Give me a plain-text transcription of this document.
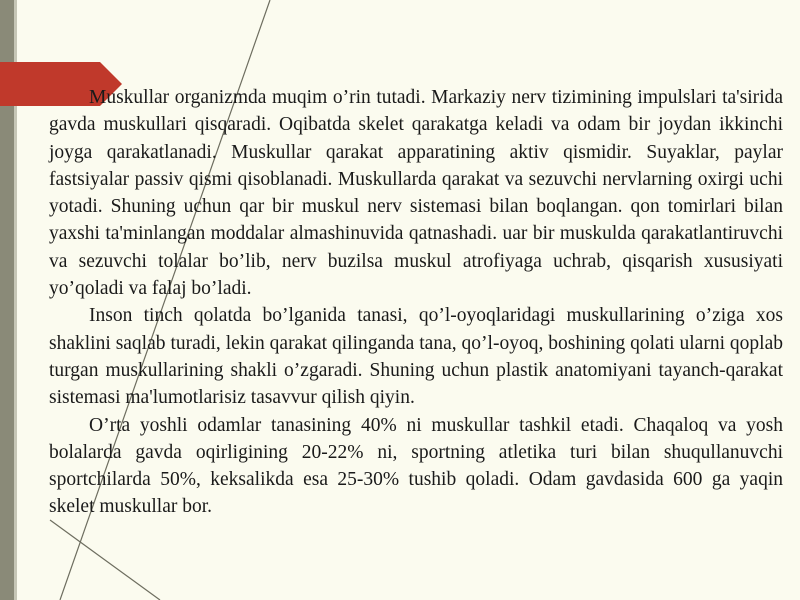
Muskullar organizmda muqim o’rin tutadi. Markaziy nerv tizimining impulslari ta'sirida gavda muskullari qisqaradi. Oqibatda skelet qarakatga keladi va odam bir joydan ikkinchi joyga qarakatlanadi. Muskullar qarakat apparatining aktiv qismidir. Suyaklar, paylar fastsiyalar passiv qismi qisoblanadi. Muskullarda qarakat va sezuvchi nervlarning oxirgi uchi yotadi. Shuning uchun qar bir muskul nerv sistemasi bilan boqlangan. qon tomirlari bilan yaxshi ta'minlangan moddalar almashinuvida qatnashadi. uar bir muskulda qarakatlantiruvchi va sezuvchi tolalar bo’lib, nerv buzilsa muskul atrofiyaga uchrab, qisqarish xususiyati yo’qoladi va falaj bo’ladi.

Inson tinch qolatda bo’lganida tanasi, qo’l-oyoqlaridagi muskullarining o’ziga xos shaklini saqlab turadi, lekin qarakat qilinganda tana, qo’l-oyoq, boshining qolati ularni qoplab turgan muskullarining shakli o’zgaradi. Shuning uchun plastik anatomiyani tayanch-qarakat sistemasi ma'lumotlarisiz tasavvur qilish qiyin.

O’rta yoshli odamlar tanasining 40% ni muskullar tashkil etadi. Chaqaloq va yosh bolalarda gavda oqirligining 20-22% ni, sportning atletika turi bilan shuqullanuvchi sportchilarda 50%, keksalikda esa 25-30% tushib qoladi. Odam gavdasida 600 ga yaqin skelet muskullar bor.
